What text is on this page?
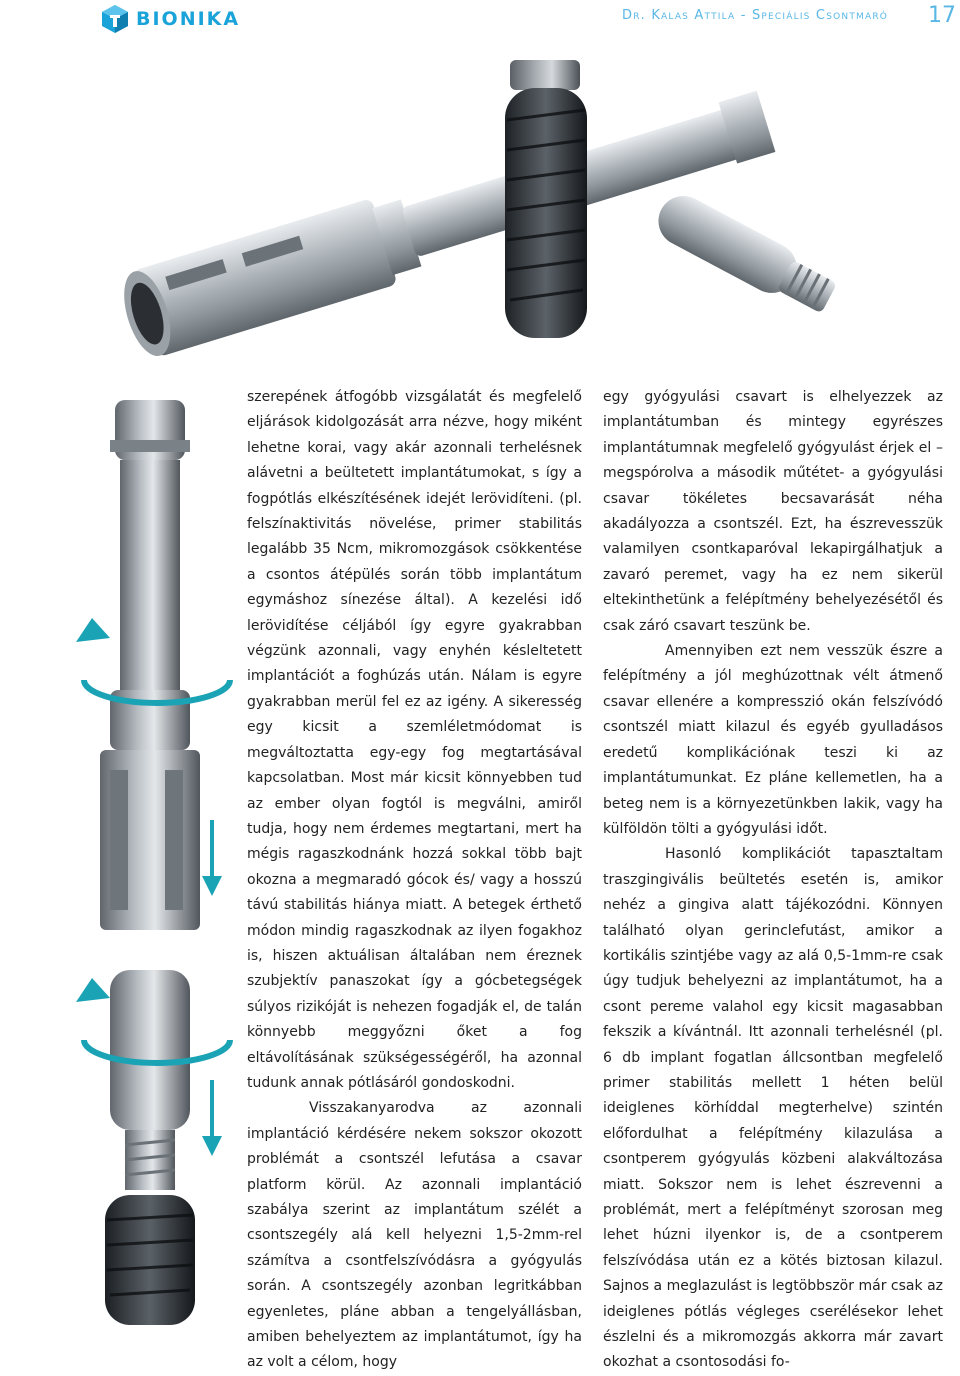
BIONIKA	Dr. Kalas Attila - Speciális Csontmaró 17

szerepének átfogóbb vizsgálatát és megfelelő eljárások kidolgozását arra nézve, hogy miként lehetne korai, vagy akár azonnali terhelésnek alávetni a beültetett implantátumokat, s így a fogpótlás elkészítésének idejét lerövidíteni. (pl. felszínaktivitás növelése, primer stabilitás legalább 35 Ncm, mikromozgások csökkentése a csontos átépülés során több implantátum egymáshoz sínezése által). A kezelési idő lerövidítése céljából így egyre gyakrabban végzünk azonnali, vagy enyhén késleltetett implantációt a foghúzás után. Nálam is egyre gyakrabban merül fel ez az igény. A sikeresség egy kicsit a szemléletmódomat is megváltoztatta egy-egy fog megtartásával kapcsolatban. Most már kicsit könnyebben tud az ember olyan fogtól is megválni, amiről tudja, hogy nem érdemes megtartani, mert ha mégis ragaszkodnánk hozzá sokkal több bajt okozna a megmaradó gócok és/ vagy a hosszú távú stabilitás hiánya miatt. A betegek érthető módon mindig ragaszkodnak az ilyen fogakhoz is, hiszen aktuálisan általában nem éreznek szubjektív panaszokat így a gócbetegségek súlyos rizikóját is nehezen fogadják el, de talán könnyebb meggyőzni őket a fog eltávolításának szükségességéről, ha azonnal tudunk annak pótlásáról gondoskodni.

Visszakanyarodva az azonnali implantáció kérdésére nekem sokszor okozott problémát a csontszél lefutása a csavar platform körül. Az azonnali implantáció szabálya szerint az implantátum szélét a csontszegély alá kell helyezni 1,5-2mm-rel számítva a csontfelszívódásra a gyógyulás során. A csontszegély azonban legritkábban egyenletes, pláne abban a tengelyállásban, amiben behelyeztem az implantátumot, így ha az volt a célom, hogy

egy gyógyulási csavart is elhelyezzek az implantátumban és mintegy egyrészes implantátumnak megfelelő gyógyulást érjek el –megspórolva a második műtétet- a gyógyulási csavar tökéletes becsavarását néha akadályozza a csontszél. Ezt, ha észrevesszük valamilyen csontkaparóval lekapirgálhatjuk a zavaró peremet, vagy ha ez nem sikerül eltekinthetünk a felépítmény behelyezésétől és csak záró csavart teszünk be.

Amennyiben ezt nem vesszük észre a felépítmény a jól meghúzottnak vélt átmenő csavar ellenére a kompresszió okán felszívódó csontszél miatt kilazul és egyéb gyulladásos eredetű komplikációnak teszi ki az implantátumunkat. Ez pláne kellemetlen, ha a beteg nem is a környezetünkben lakik, vagy ha külföldön tölti a gyógyulási időt.

Hasonló komplikációt tapasztaltam traszgingivális beültetés esetén is, amikor nehéz a gingiva alatt tájékozódni. Könnyen található olyan gerinclefutást, amikor a kortikális szintjébe vagy az alá 0,5-1mm-re csak úgy tudjuk behelyezni az implantátumot, ha a csont pereme valahol egy kicsit magasabban fekszik a kívántnál. Itt azonnali terhelésnél (pl. 6 db implant fogatlan állcsontban megfelelő primer stabilitás mellett 1 héten belül ideiglenes körhíddal megterhelve) szintén előfordulhat a felépítmény kilazulása a csontperem gyógyulás közbeni alakváltozása miatt. Sokszor nem is lehet észrevenni a problémát, mert a felépítményt szorosan meg lehet húzni ilyenkor is, de a csontperem felszívódása után ez a kötés biztosan kilazul. Sajnos a meglazulást is legtöbbször már csak az ideiglenes pótlás végleges cserélésekor lehet észlelni és a mikromozgás akkorra már zavart okozhat a csontosodási fo-
